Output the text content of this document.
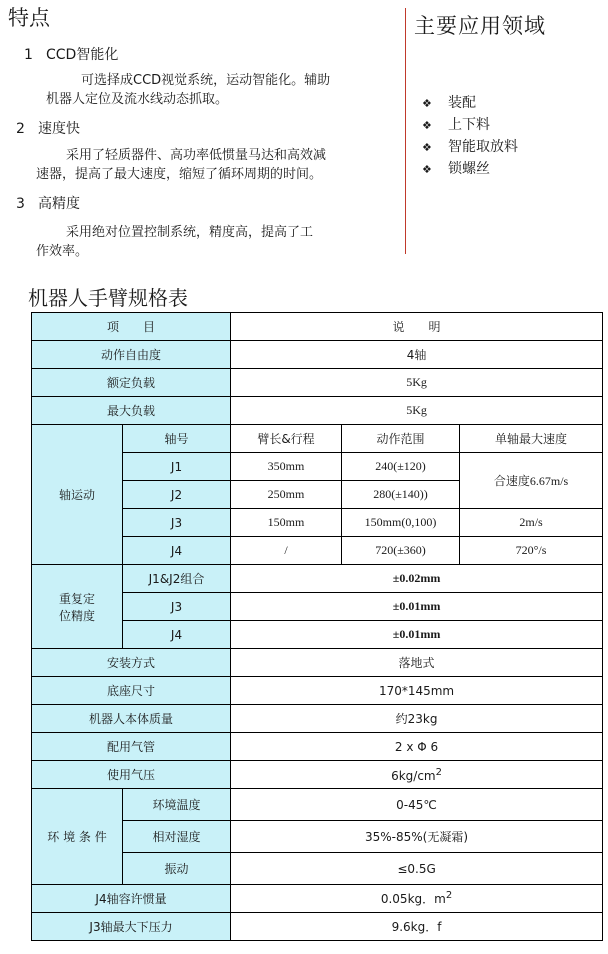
特点
1 CCD智能化
可选择成CCD视觉系统，运动智能化。辅助
机器人定位及流水线动态抓取。
2 速度快
采用了轻质器件、高功率低惯量马达和高效减
速器，提高了最大速度，缩短了循环周期的时间。
3 高精度
采用绝对位置控制系统，精度高，提高了工
作效率。
主要应用领域
❖ 装配
❖ 上下料
❖ 智能取放料
❖ 锁螺丝
机器人手臂规格表
项　　目		说　　明		
动作自由度		4轴		
额定负载		5Kg		
最大负载		5Kg		
轴运动	轴号	臂长&行程	动作范围	单轴最大速度
	J1	350mm	240(±120)	合速度6.67m/s
	J2	250mm	280(±140))	
	J3	150mm	150mm(0,100)	2m/s
	J4	/	720(±360)	720°/s

重复定
位精度	J1&J2组合	±0.02mm		
	J3	±0.01mm		
	J4	±0.01mm		
安装方式		落地式		
底座尺寸		170*145mm		
机器人本体质量		约23kg		
配用气管		2 x Φ 6		
使用气压		$6kg/cm^2$
环 境 条 件	环境温度	0-45℃		
	相对湿度	35%-85%(无凝霜)		
	振动	≤0.5G		
J4轴容许惯量		0.05kg．$m^2$
J3轴最大下压力		9.6kg．f		
